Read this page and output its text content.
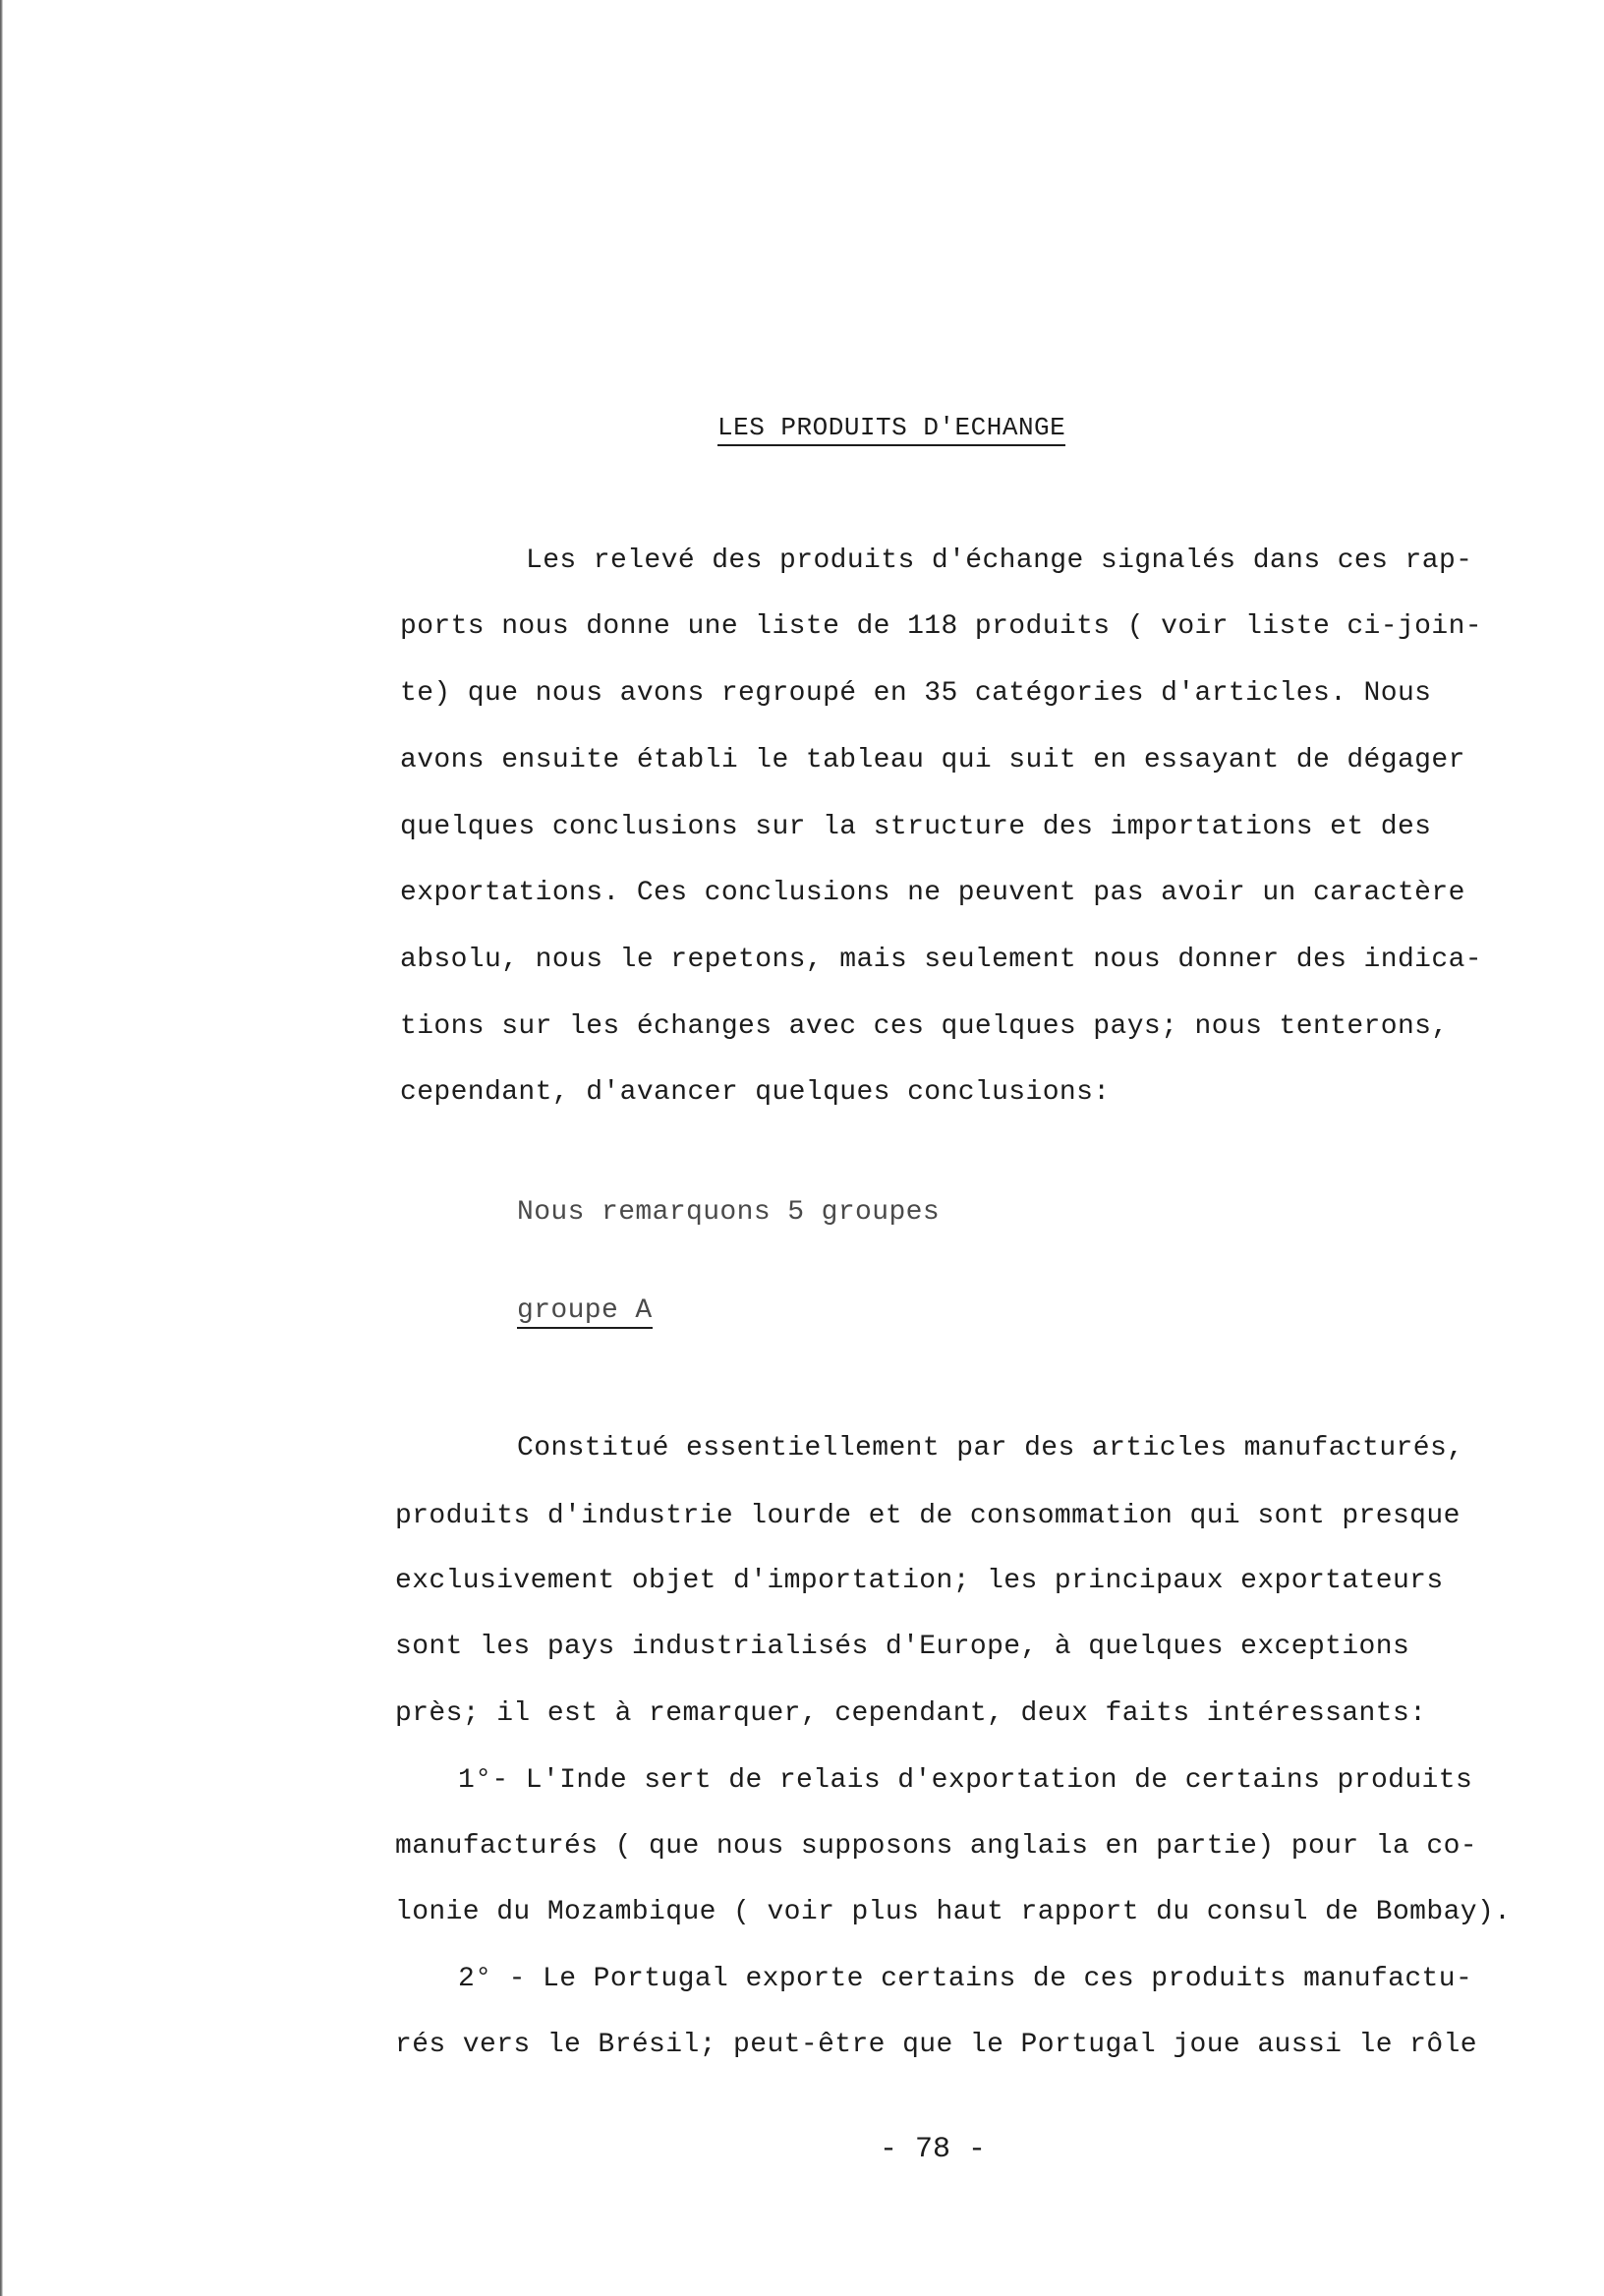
LES PRODUITS D'ECHANGE
Les relevé des produits d'échange signalés dans ces rap-
ports nous donne une liste de 118 produits ( voir liste ci-join-
te) que nous avons regroupé en 35 catégories d'articles. Nous
avons ensuite établi le tableau qui suit en essayant de dégager
quelques conclusions sur la structure des importations et des
exportations. Ces conclusions ne peuvent pas avoir un caractère
absolu, nous le repetons, mais seulement nous donner des indica-
tions sur les échanges avec ces quelques pays; nous tenterons,
cependant, d'avancer quelques conclusions:
Nous remarquons 5 groupes
groupe A
Constitué essentiellement par des articles manufacturés,
produits d'industrie lourde et de consommation qui sont presque
exclusivement objet d'importation; les principaux exportateurs
sont les pays industrialisés d'Europe, à quelques exceptions
près; il est à remarquer, cependant, deux faits intéressants:
1°- L'Inde sert de relais d'exportation de certains produits
manufacturés ( que nous supposons anglais en partie) pour la co-
lonie du Mozambique ( voir plus haut rapport du consul de Bombay).
2° - Le Portugal exporte certains de ces produits manufactu-
rés vers le Brésil; peut-être que le Portugal joue aussi le rôle
- 78 -
